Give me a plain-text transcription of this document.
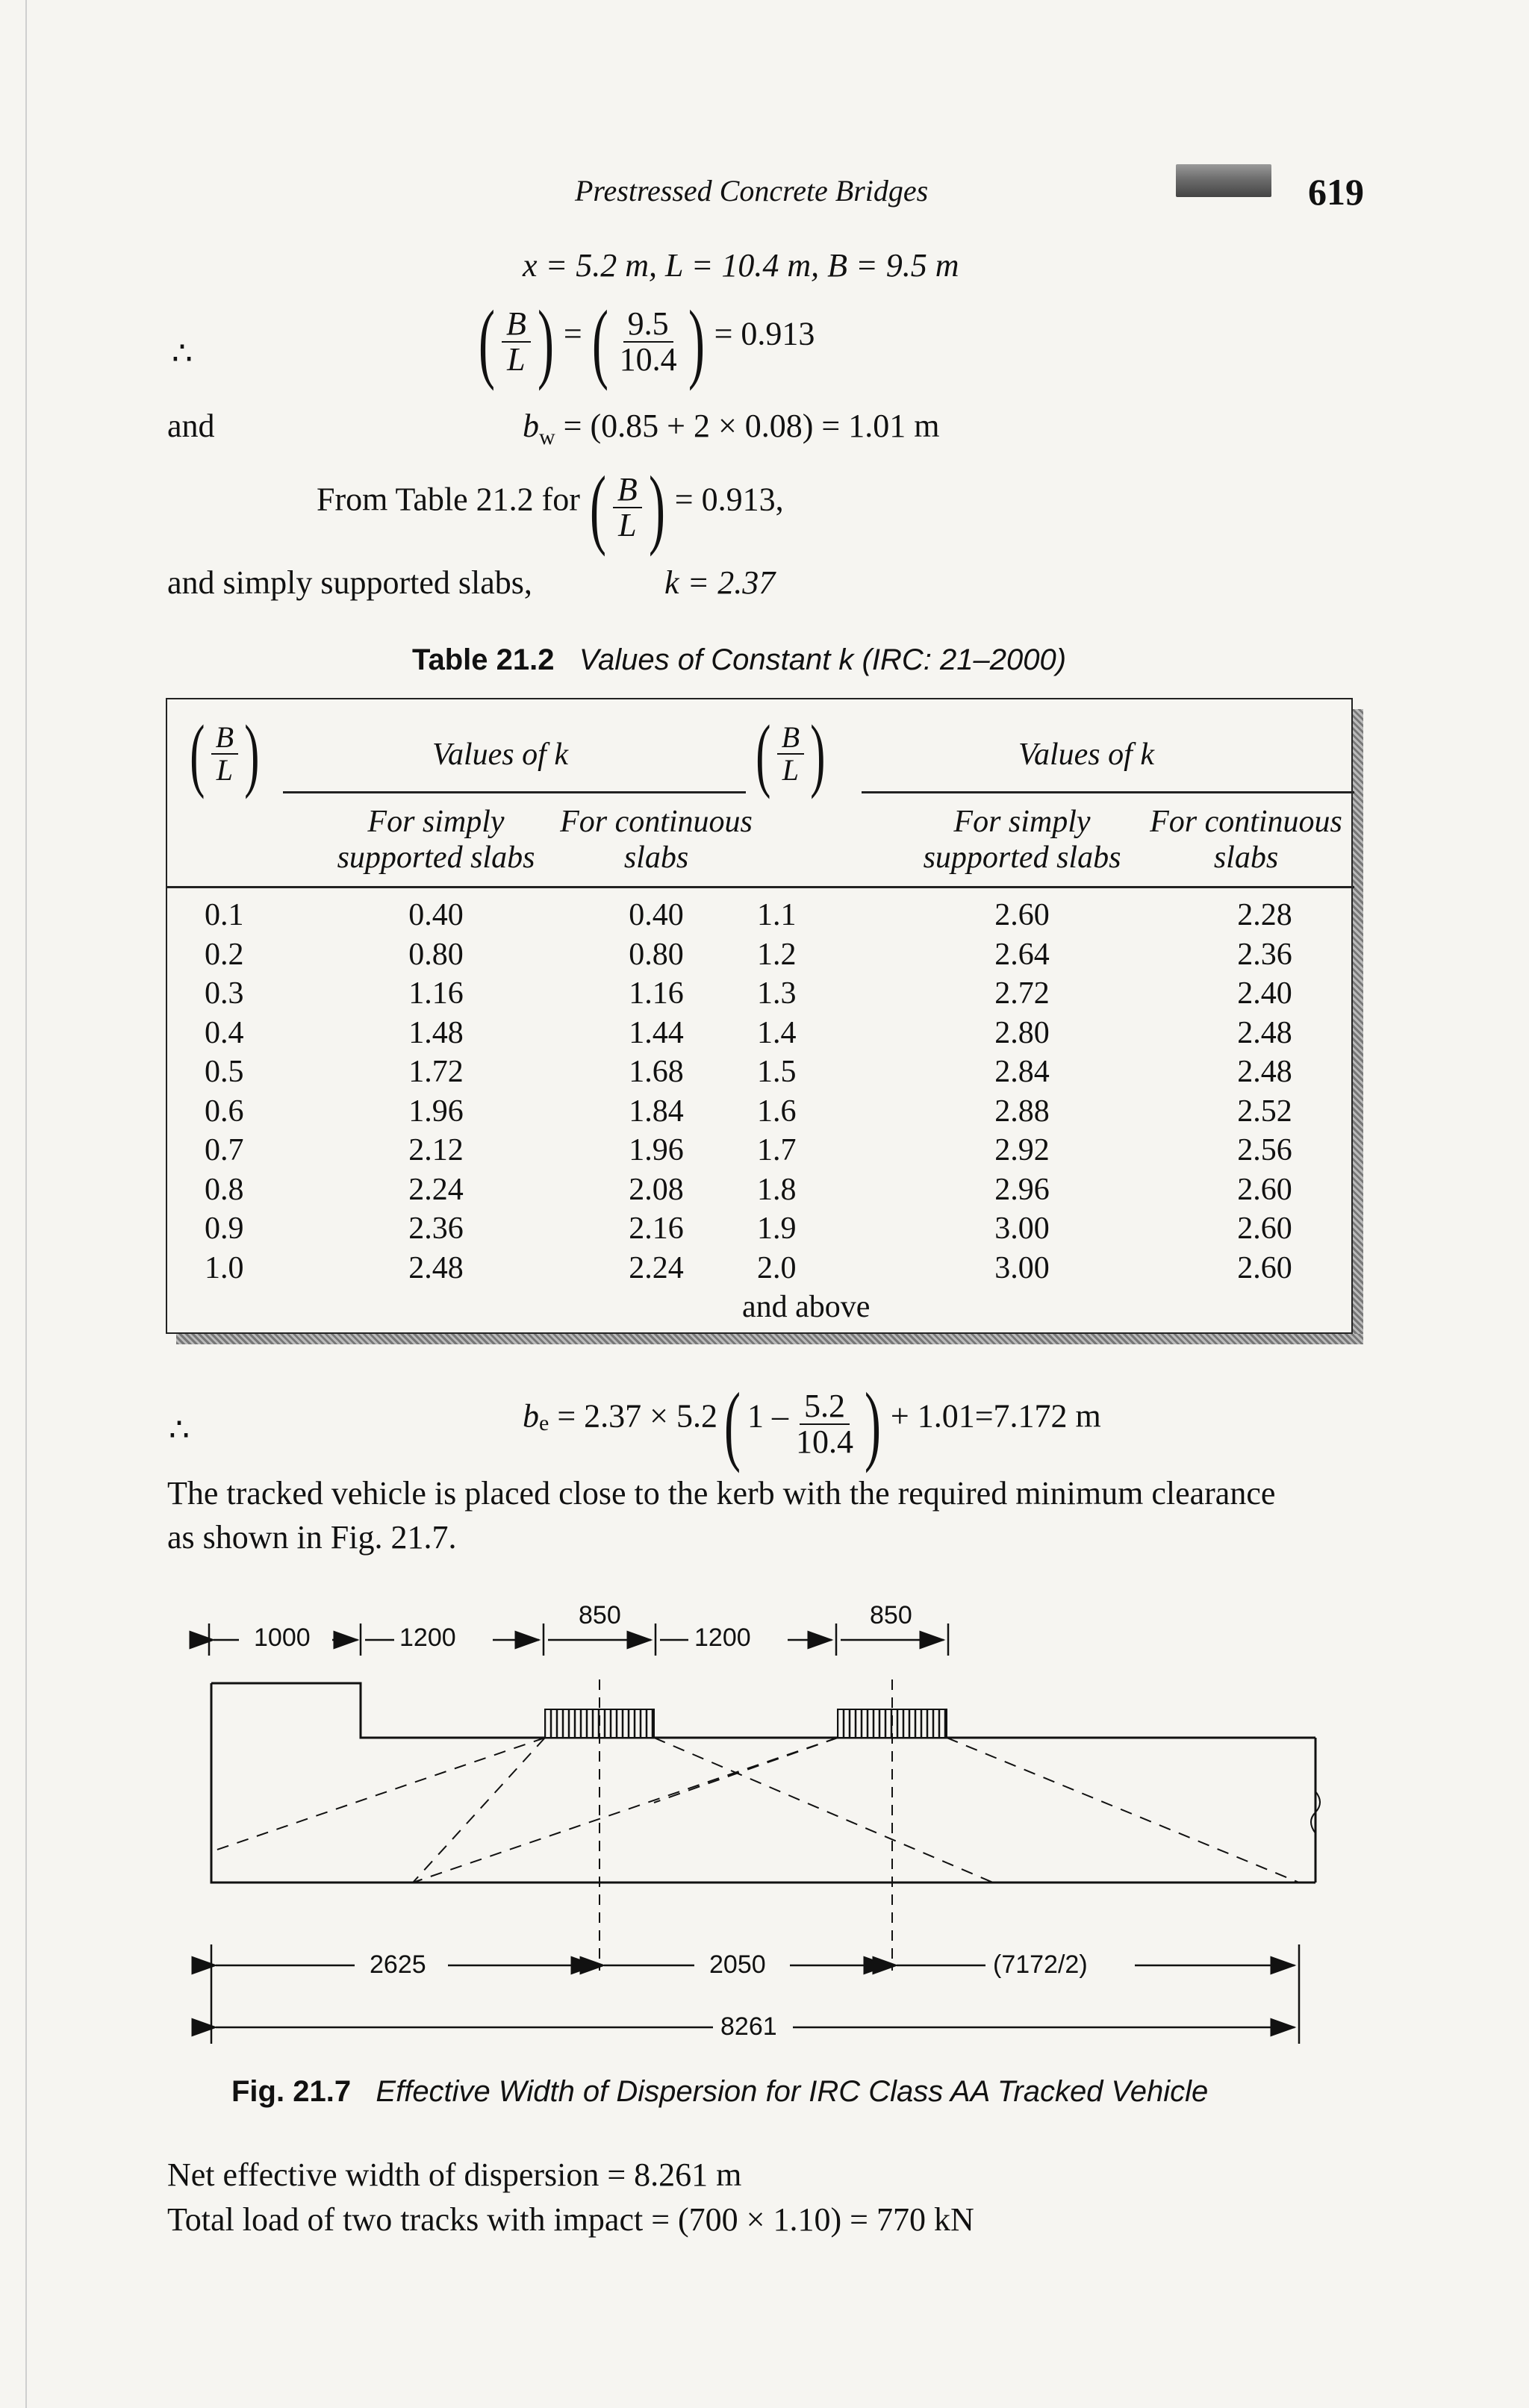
Prestressed Concrete Bridges	619
x = 5.2 m, L = 10.4 m, B = 9.5 m
∴	( $\frac{B}{L}$ ) = ( $\frac{9.5}{10.4}$ ) = 0.913
and	$b_w = (0.85 + 2 \times 0.08) = 1.01$ m
From Table 21.2 for ( $\frac{B}{L}$ ) = 0.913,
and simply supported slabs,	k = 2.37
Table 21.2 Values of Constant k (IRC: 21–2000)
( $\frac{B}{L}$ )	( $\frac{B}{L}$ )
Values of k	Values of k
For simply
supported slabs
For continuous
slabs
For simply
supported slabs
For continuous
slabs
0.1	0.40	0.40	1.1	2.60	2.28
0.2	0.80	0.80	1.2	2.64	2.36
0.3	1.16	1.16	1.3	2.72	2.40
0.4	1.48	1.44	1.4	2.80	2.48
0.5	1.72	1.68	1.5	2.84	2.48
0.6	1.96	1.84	1.6	2.88	2.52
0.7	2.12	1.96	1.7	2.92	2.56
0.8	2.24	2.08	1.8	2.96	2.60
0.9	2.36	2.16	1.9	3.00	2.60
1.0	2.48	2.24	2.0	3.00	2.60
and above
∴	$b_e = 2.37 \times 5.2$( $1 - \frac{5.2}{10.4}$ ) + 1.01=7.172 m
The tracked vehicle is placed close to the kerb with the required minimum clearance
as shown in Fig. 21.7.
1000	1200
850
1200
850
2625	2050	(7172/2)
8261
Fig. 21.7 Effective Width of Dispersion for IRC Class AA Tracked Vehicle
Net effective width of dispersion = 8.261 m
Total load of two tracks with impact = (700 × 1.10) = 770 kN
